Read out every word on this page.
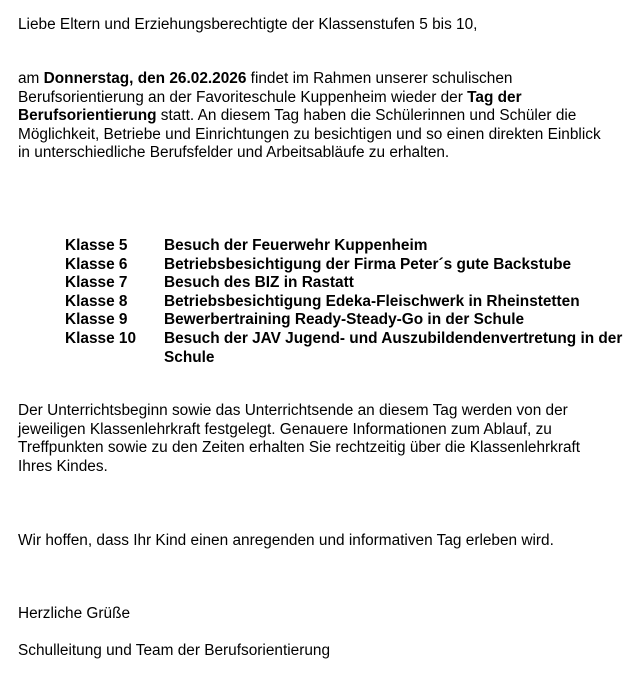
Liebe Eltern und Erziehungsberechtigte der Klassenstufen 5 bis 10,

am Donnerstag, den 26.02.2026 findet im Rahmen unserer schulischen Berufsorientierung an der Favoriteschule Kuppenheim wieder der Tag der Berufsorientierung statt. An diesem Tag haben die Schülerinnen und Schüler die Möglichkeit, Betriebe und Einrichtungen zu besichtigen und so einen direkten Einblick in unterschiedliche Berufsfelder und Arbeitsabläufe zu erhalten.

Klasse 5	Besuch der Feuerwehr Kuppenheim
Klasse 6	Betriebsbesichtigung der Firma Peter´s gute Backstube
Klasse 7	Besuch des BIZ in Rastatt
Klasse 8	Betriebsbesichtigung Edeka-Fleischwerk in Rheinstetten
Klasse 9	Bewerbertraining Ready-Steady-Go in der Schule
Klasse 10	Besuch der JAV Jugend- und Auszubildendenvertretung in der Schule

Der Unterrichtsbeginn sowie das Unterrichtsende an diesem Tag werden von der jeweiligen Klassenlehrkraft festgelegt. Genauere Informationen zum Ablauf, zu Treffpunkten sowie zu den Zeiten erhalten Sie rechtzeitig über die Klassenlehrkraft Ihres Kindes.

Wir hoffen, dass Ihr Kind einen anregenden und informativen Tag erleben wird.

Herzliche Grüße

Schulleitung und Team der Berufsorientierung
